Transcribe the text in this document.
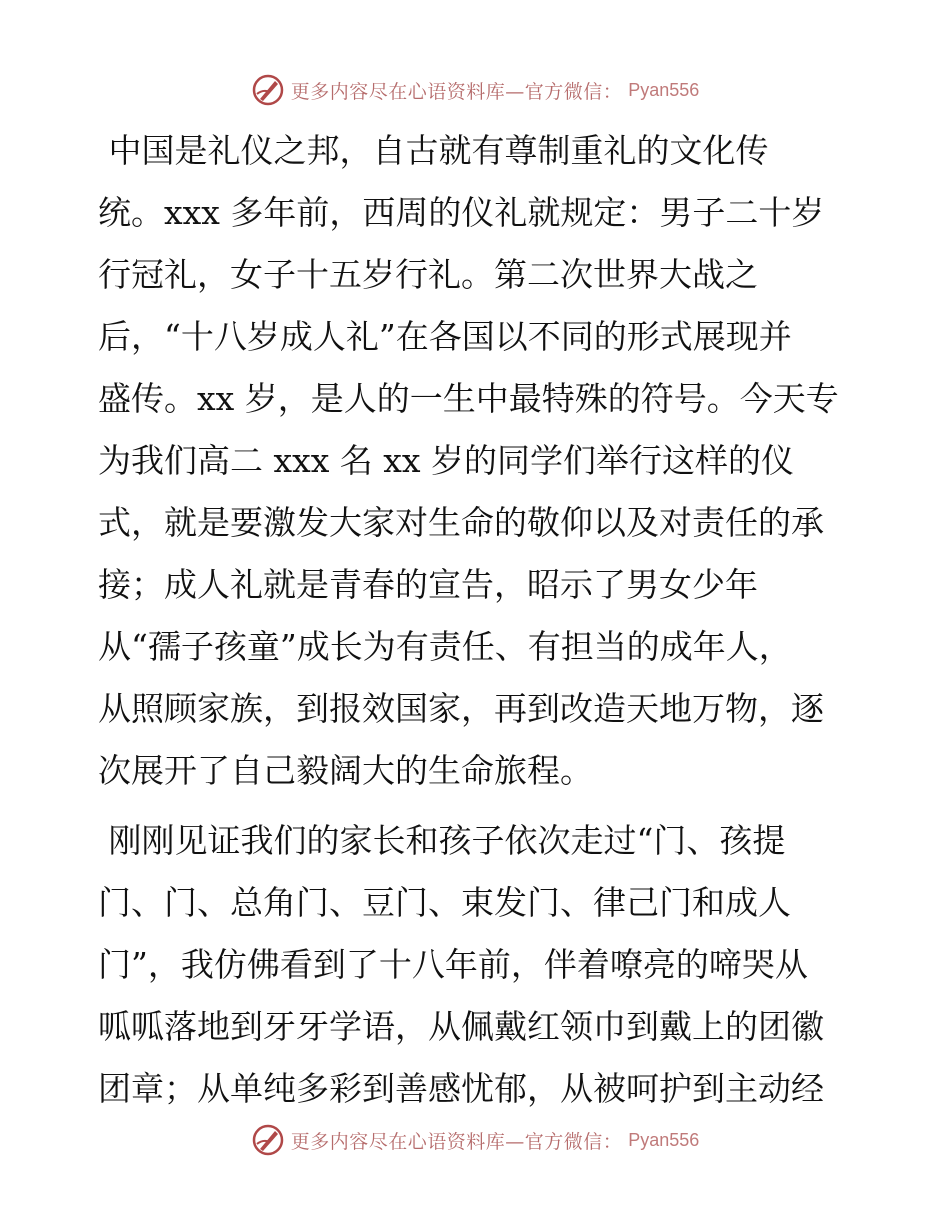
更多内容尽在心语资料库—官方微信： Pyan556
中国是礼仪之邦，自古就有尊制重礼的文化传
统。xxx 多年前，西周的仪礼就规定：男子二十岁
行冠礼，女子十五岁行礼。第二次世界大战之
后，“十八岁成人礼”在各国以不同的形式展现并
盛传。xx 岁，是人的一生中最特殊的符号。今天专
为我们高二 xxx 名 xx 岁的同学们举行这样的仪
式，就是要激发大家对生命的敬仰以及对责任的承
接；成人礼就是青春的宣告，昭示了男女少年
从“孺子孩童”成长为有责任、有担当的成年人，
从照顾家族，到报效国家，再到改造天地万物，逐
次展开了自己毅阔大的生命旅程。
刚刚见证我们的家长和孩子依次走过“门、孩提
门、门、总角门、豆门、束发门、律己门和成人
门”，我仿佛看到了十八年前，伴着嘹亮的啼哭从
呱呱落地到牙牙学语，从佩戴红领巾到戴上的团徽
团章；从单纯多彩到善感忧郁，从被呵护到主动经
更多内容尽在心语资料库—官方微信： Pyan556
